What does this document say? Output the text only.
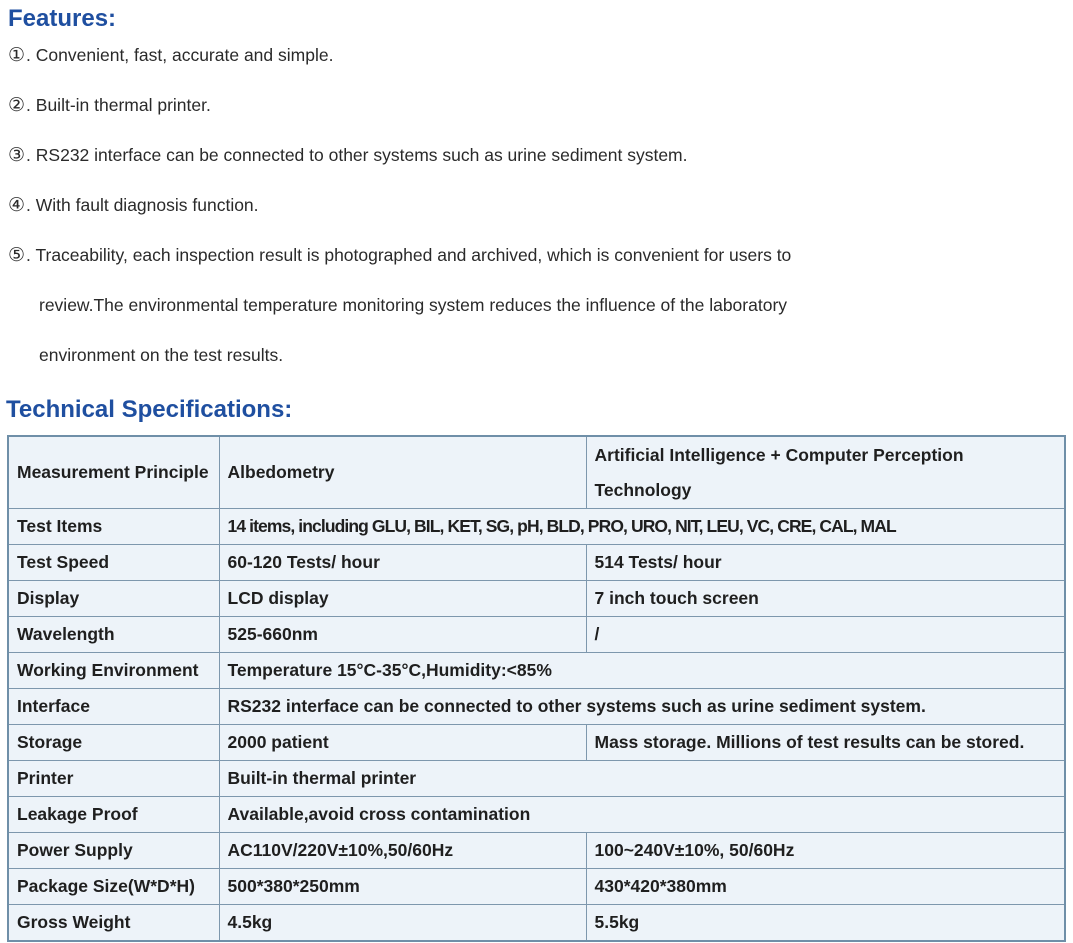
Features:

①. Convenient, fast, accurate and simple.

②. Built-in thermal printer.

③. RS232 interface can be connected to other systems such as urine sediment system.

④. With fault diagnosis function.

⑤. Traceability, each inspection result is photographed and archived, which is convenient for users to

review.The environmental temperature monitoring system reduces the influence of the laboratory

environment on the test results.

Technical Specifications:
Measurement Principle	Albedometry	Artificial Intelligence + Computer Perception Technology
Test Items	14 items, including GLU, BIL, KET, SG, pH, BLD, PRO, URO, NIT, LEU, VC, CRE, CAL, MAL	
Test Speed	60-120 Tests/ hour	514 Tests/ hour
Display	LCD display	7 inch touch screen
Wavelength	525-660nm	/
Working Environment	Temperature 15°C-35°C,Humidity:<85%	
Interface	RS232 interface can be connected to other systems such as urine sediment system.	
Storage	2000 patient	Mass storage. Millions of test results can be stored.
Printer	Built-in thermal printer	
Leakage Proof	Available,avoid cross contamination	
Power Supply	AC110V/220V±10%,50/60Hz	100~240V±10%, 50/60Hz
Package Size(W*D*H)	500*380*250mm	430*420*380mm
Gross Weight	4.5kg	5.5kg
